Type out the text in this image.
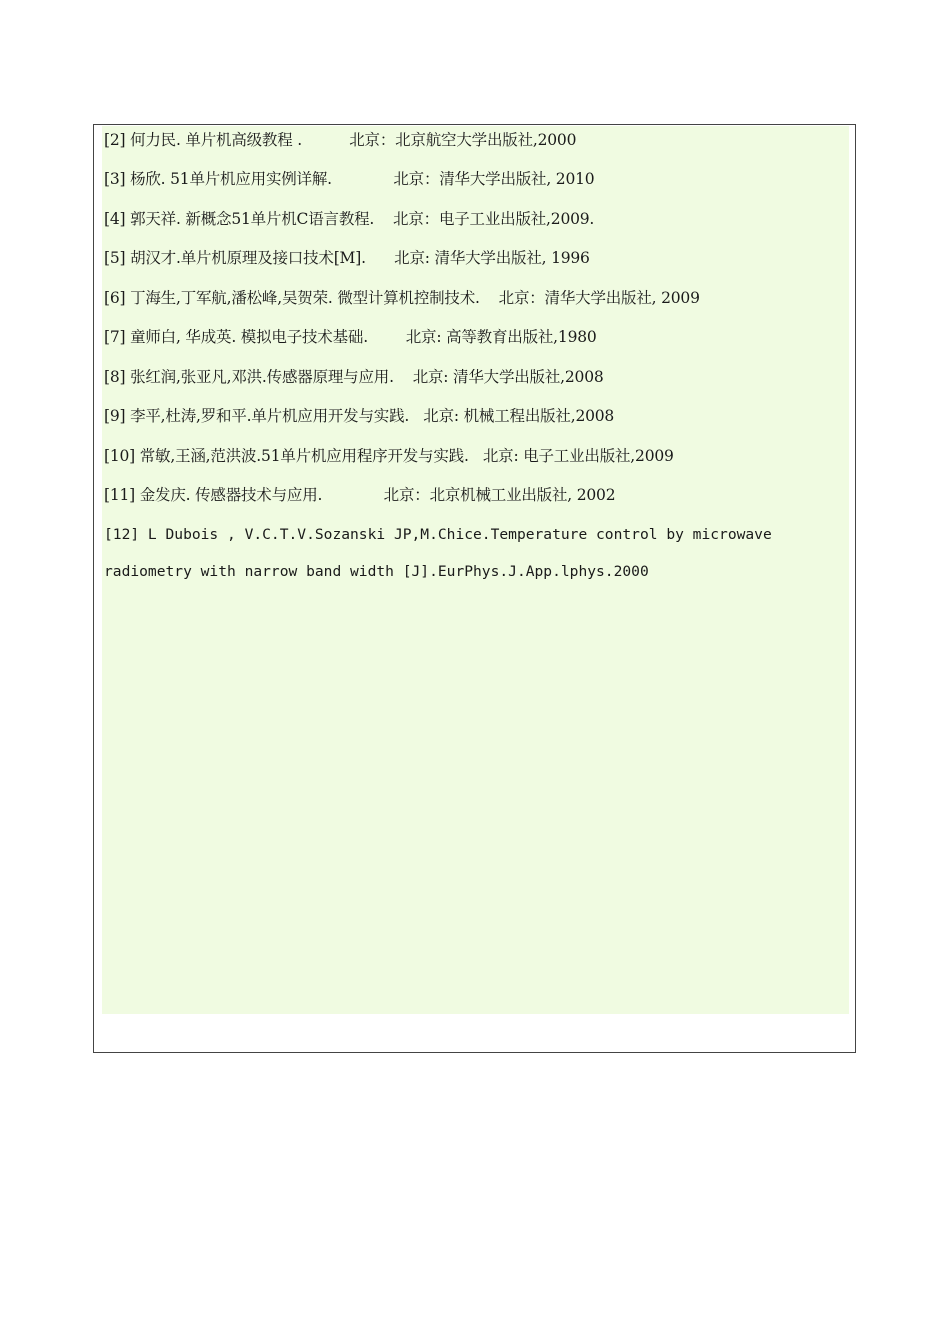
[2] 何力民. 单片机高级教程 .          北京：北京航空大学出版社,2000
[3] 杨欣. 51单片机应用实例详解.             北京：清华大学出版社, 2010
[4] 郭天祥. 新概念51单片机C语言教程.    北京：电子工业出版社,2009.
[5] 胡汉才.单片机原理及接口技术[M].      北京: 清华大学出版社, 1996
[6] 丁海生,丁军航,潘松峰,吴贺荣. 微型计算机控制技术.    北京：清华大学出版社, 2009
[7] 童师白, 华成英. 模拟电子技术基础.        北京: 高等教育出版社,1980
[8] 张红润,张亚凡,邓洪.传感器原理与应用.    北京: 清华大学出版社,2008
[9] 李平,杜涛,罗和平.单片机应用开发与实践.   北京: 机械工程出版社,2008
[10] 常敏,王涵,范洪波.51单片机应用程序开发与实践.   北京: 电子工业出版社,2009
[11] 金发庆. 传感器技术与应用.             北京：北京机械工业出版社, 2002
[12] L Dubois , V.C.T.V.Sozanski JP,M.Chice.Temperature control by microwave radiometry with narrow band width [J].EurPhys.J.App.lphys.2000
